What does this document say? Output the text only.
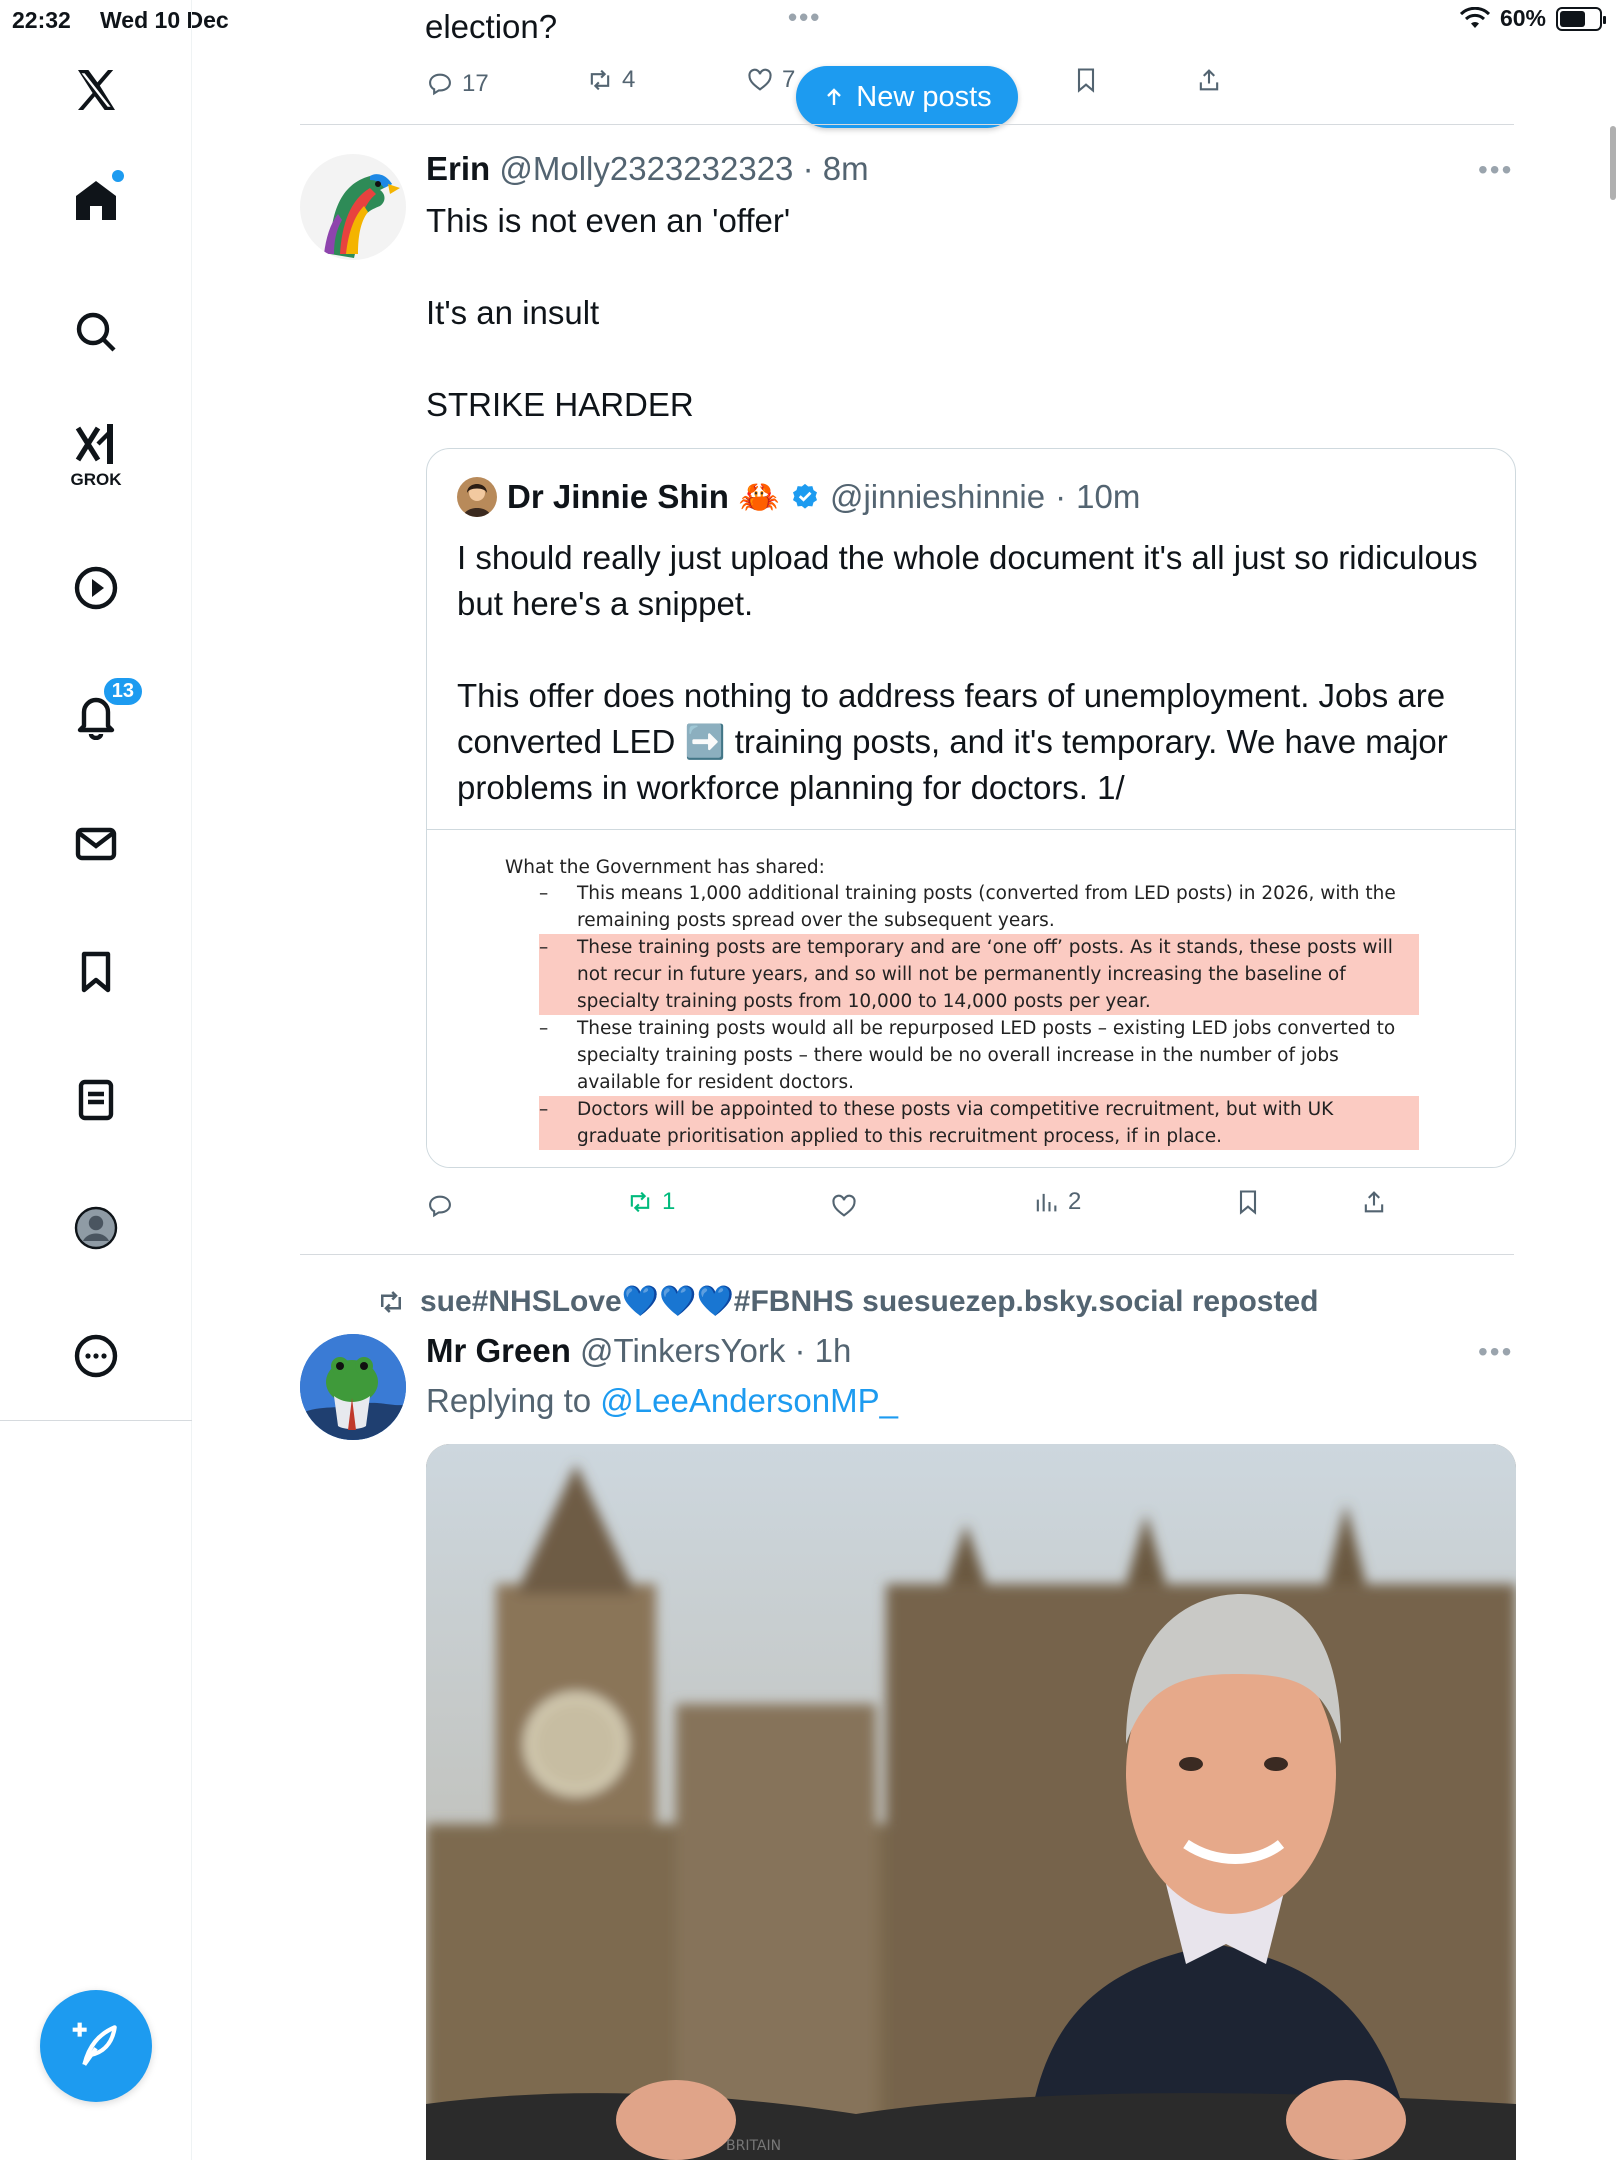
22:32 Wed 10 Dec	•••	60%
GROK
13
election?
17	4	7
New posts
Erin @Molly2323232323 · 8m	•••
This is not even an 'offer'

It's an insult

STRIKE HARDER
Dr Jinnie Shin 🦀 @jinnieshinnie · 10m
I should really just upload the whole document it's all just so ridiculous but here's a snippet.

This offer does nothing to address fears of unemployment. Jobs are converted LED ➡️ training posts, and it's temporary. We have major problems in workforce planning for doctors. 1/
What the Government has shared:
– This means 1,000 additional training posts (converted from LED posts) in 2026, with the remaining posts spread over the subsequent years.
– These training posts are temporary and are ‘one off’ posts. As it stands, these posts will not recur in future years, and so will not be permanently increasing the baseline of specialty training posts from 10,000 to 14,000 posts per year.
– These training posts would all be repurposed LED posts – existing LED jobs converted to specialty training posts – there would be no overall increase in the number of jobs available for resident doctors.
– Doctors will be appointed to these posts via competitive recruitment, but with UK graduate prioritisation applied to this recruitment process, if in place.
1	2
sue#NHSLove💙💙💙#FBNHS suesuezep.bsky.social reposted
Mr Green @TinkersYork · 1h	•••
Replying to @LeeAndersonMP_
BRITAIN
